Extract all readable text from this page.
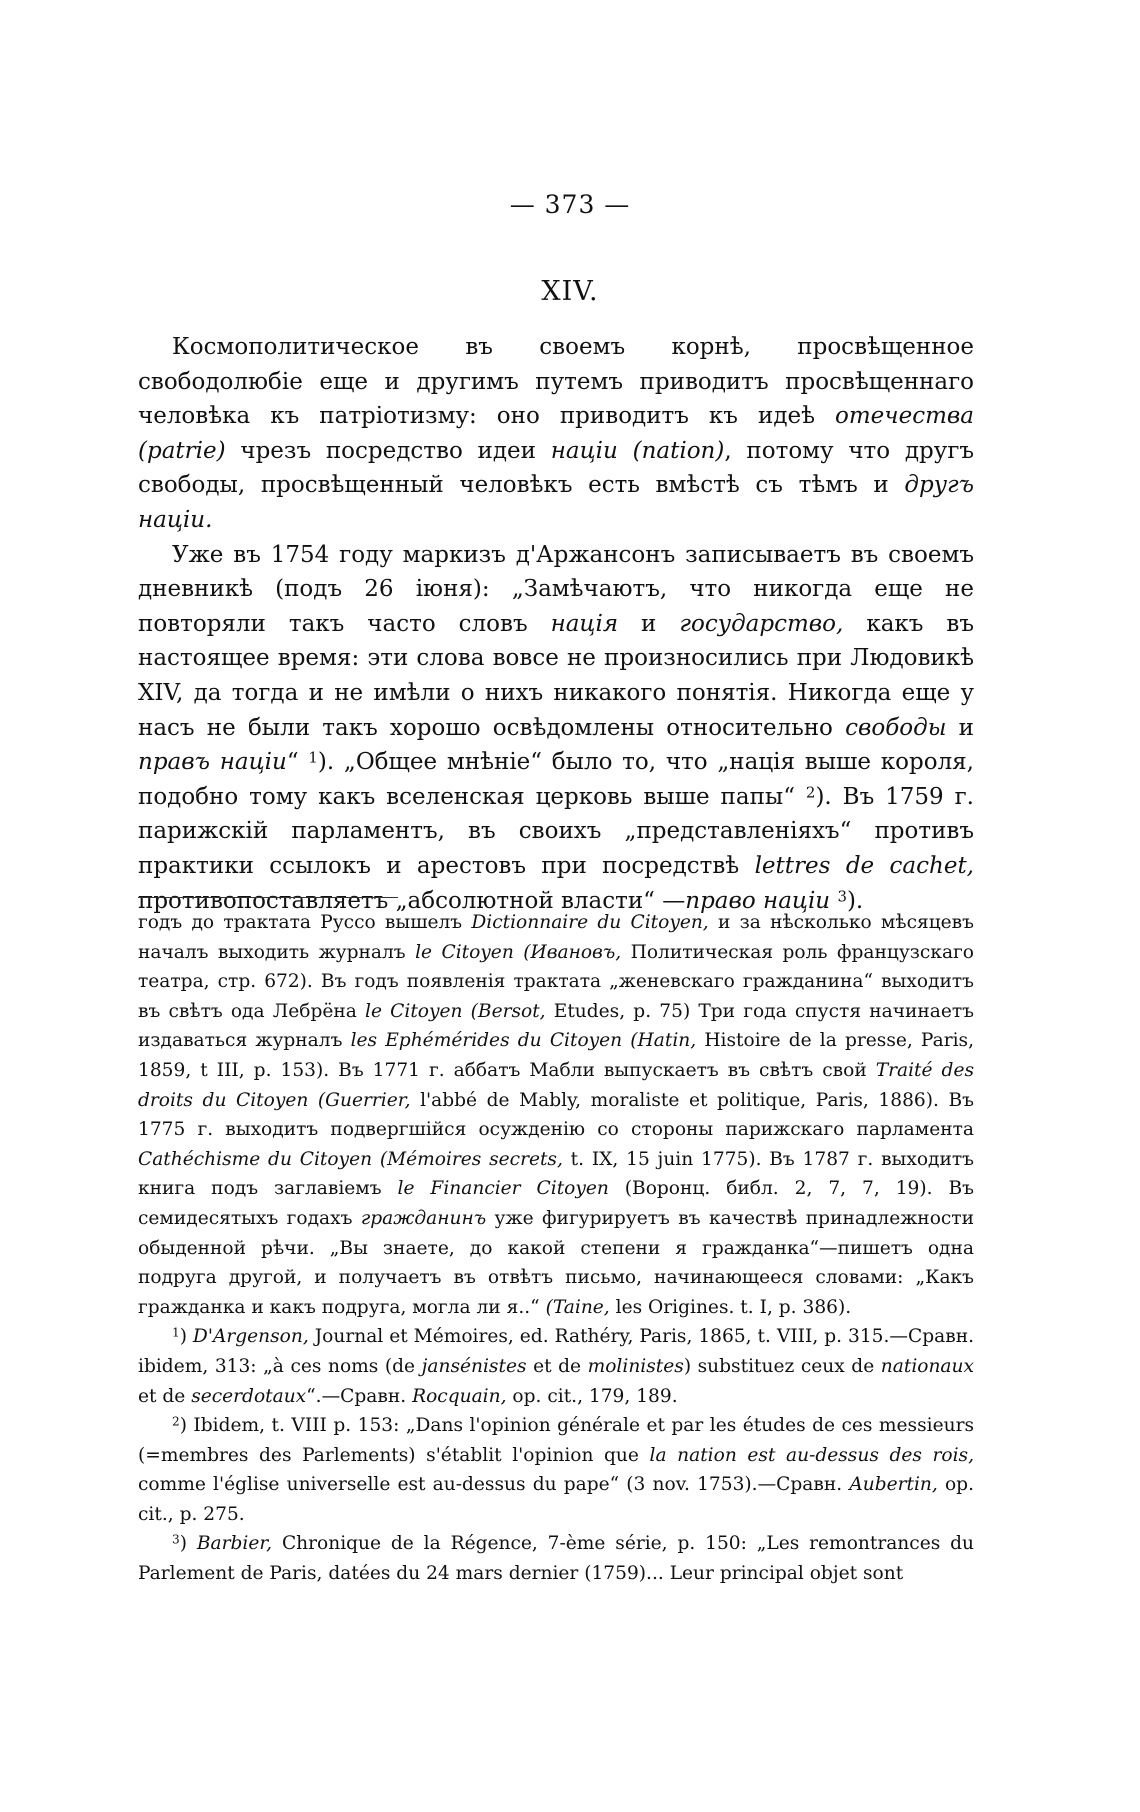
— 373 —
XIV.

Космополитическое въ своемъ корнѣ, просвѣщенное свободолюбіе еще и другимъ путемъ приводитъ просвѣщеннаго человѣка къ патріотизму: оно приводитъ къ идеѣ отечества (patrie) чрезъ посредство идеи націи (nation), потому что другъ свободы, просвѣщенный человѣкъ есть вмѣстѣ съ тѣмъ и другъ націи.

Уже въ 1754 году маркизъ д'Аржансонъ записываетъ въ своемъ дневникѣ (подъ 26 іюня): „Замѣчаютъ, что никогда еще не повторяли такъ часто словъ нація и государство, какъ въ настоящее время: эти слова вовсе не произносились при Людовикѣ XIV, да тогда и не имѣли о нихъ никакого понятія. Никогда еще у насъ не были такъ хорошо освѣдомлены относительно свободы и правъ націи“ $^1$). „Общее мнѣніе“ было то, что „нація выше короля, подобно тому какъ вселенская церковь выше папы“ $^2$). Въ 1759 г. парижскій парламентъ, въ своихъ „представленіяхъ“ противъ практики ссылокъ и арестовъ при посредствѣ lettres de cachet, противопоставляетъ „абсолютной власти“ —право націи $^3$).

годъ до трактата Руссо вышелъ Dictionnaire du Citoyen, и за нѣсколько мѣсяцевъ началъ выходить журналъ le Citoyen (Ивановъ, Политическая роль французскаго театра, стр. 672). Въ годъ появленія трактата „женевскаго гражданина“ выходитъ въ свѣтъ ода Лебрёна le Citoyen (Bersot, Etudes, p. 75) Три года спустя начинаетъ издаваться журналъ les Ephémérides du Citoyen (Hatin, Histoire de la presse, Paris, 1859, t III, p. 153). Въ 1771 г. аббатъ Мабли выпускаетъ въ свѣтъ свой Traité des droits du Citoyen (Guerrier, l'abbé de Mably, moraliste et politique, Paris, 1886). Въ 1775 г. выходитъ подвергшійся осужденію со стороны парижскаго парламента Cathéchisme du Citoyen (Mémoires secrets, t. IX, 15 juin 1775). Въ 1787 г. выходитъ книга подъ заглавіемъ le Financier Citoyen (Воронц. библ. 2, 7, 7, 19). Въ семидесятыхъ годахъ гражданинъ уже фигурируетъ въ качествѣ принадлежности обыденной рѣчи. „Вы знаете, до какой степени я гражданка“—пишетъ одна подруга другой, и получаетъ въ отвѣтъ письмо, начинающееся словами: „Какъ гражданка и какъ подруга, могла ли я..“ (Taine, les Origines. t. I, p. 386).

$^1$) D'Argenson, Journal et Mémoires, ed. Rathéry, Paris, 1865, t. VIII, p. 315.—Сравн. ibidem, 313: „à ces noms (de jansénistes et de molinistes) substituez ceux de nationaux et de secerdotaux“.—Сравн. Rocquain, op. cit., 179, 189.

$^2$) Ibidem, t. VIII p. 153: „Dans l'opinion générale et par les études de ces messieurs (=membres des Parlements) s'établit l'opinion que la nation est au-dessus des rois, comme l'église universelle est au-dessus du pape“ (3 nov. 1753).—Сравн. Aubertin, op. cit., p. 275.

$^3$) Barbier, Chronique de la Régence, 7-ème série, p. 150: „Les remontrances du Parlement de Paris, datées du 24 mars dernier (1759)... Leur principal objet sont
